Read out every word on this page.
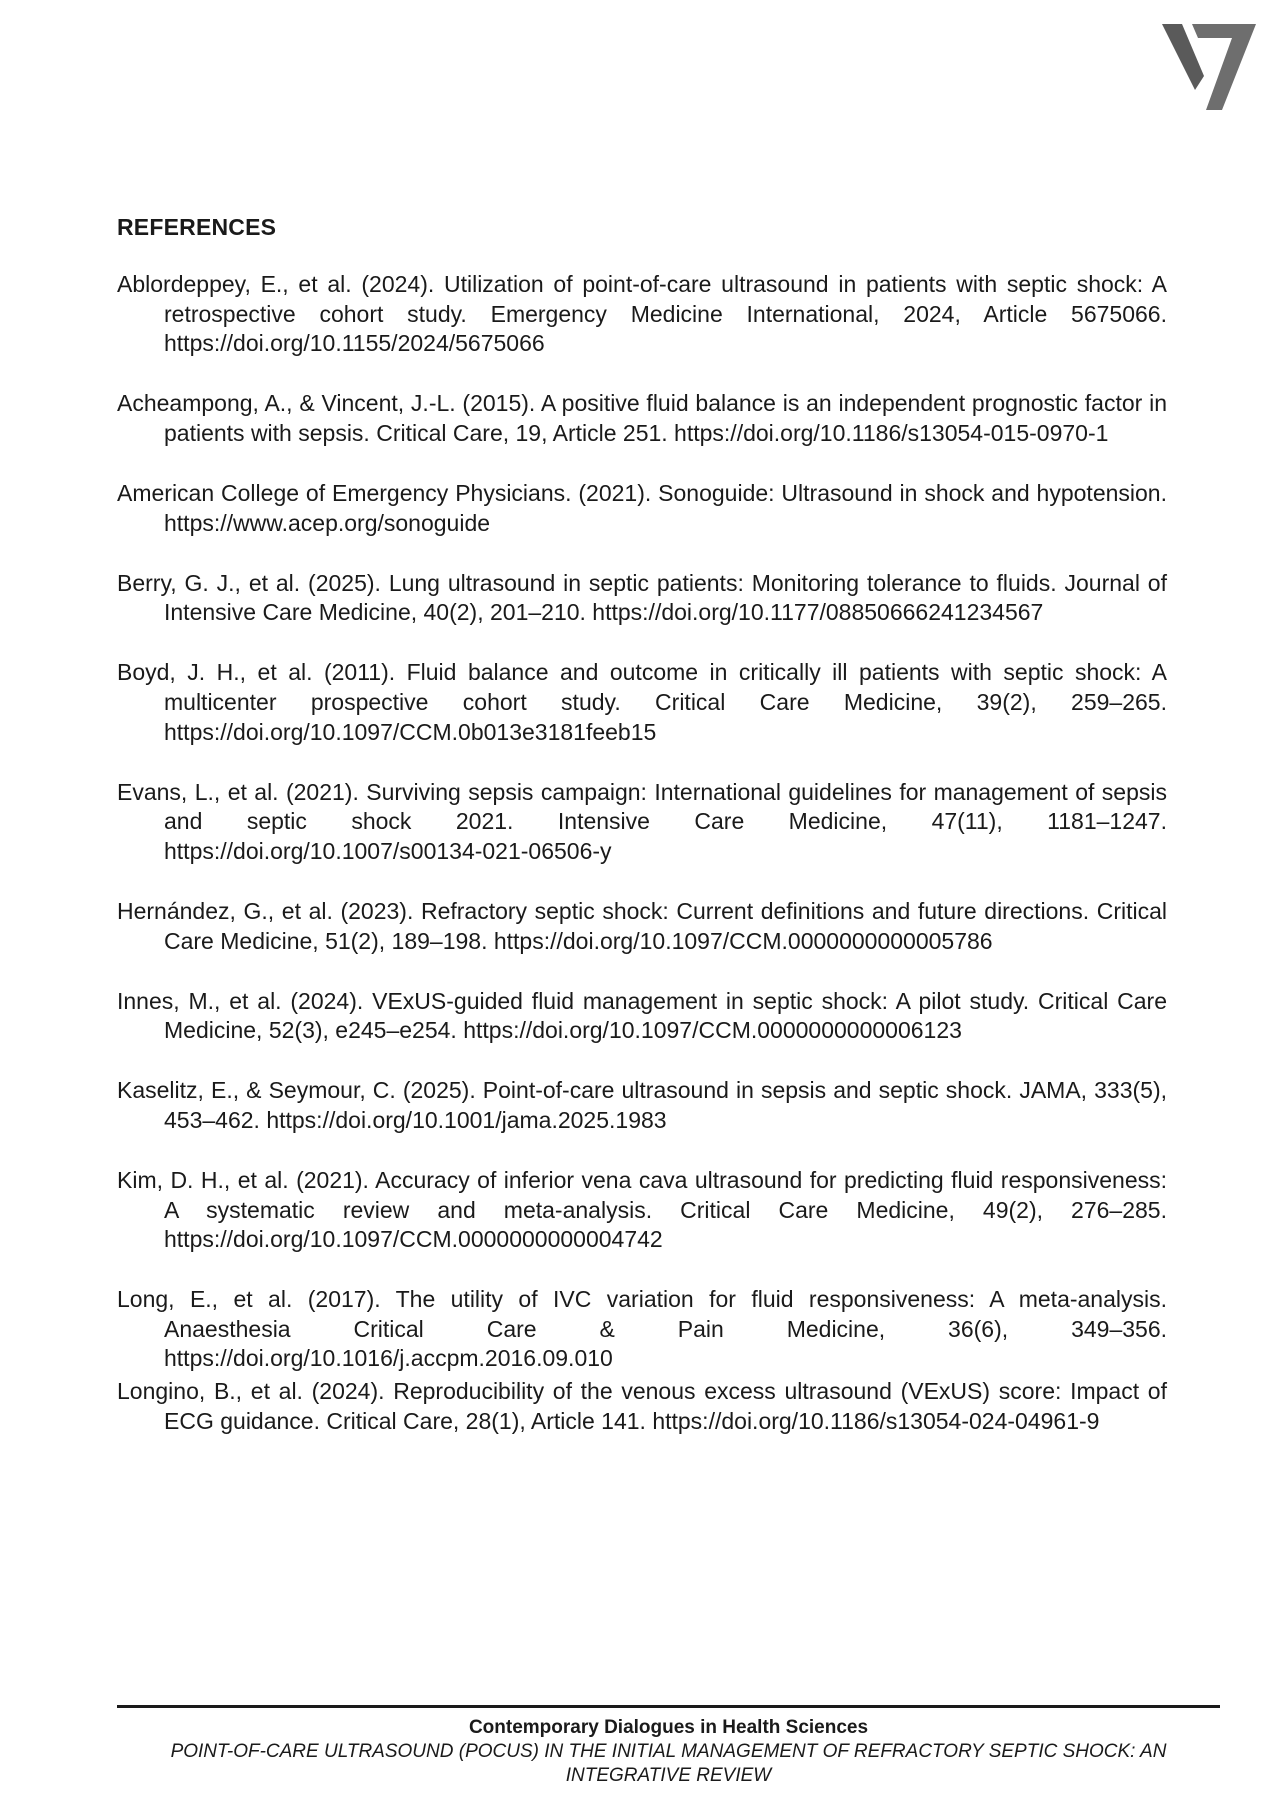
REFERENCES
Ablordeppey, E., et al. (2024). Utilization of point-of-care ultrasound in patients with septic shock: A retrospective cohort study. Emergency Medicine International, 2024, Article 5675066. https://doi.org/10.1155/2024/5675066
Acheampong, A., & Vincent, J.-L. (2015). A positive fluid balance is an independent prognostic factor in patients with sepsis. Critical Care, 19, Article 251. https://doi.org/10.1186/s13054-015-0970-1
American College of Emergency Physicians. (2021). Sonoguide: Ultrasound in shock and hypotension. https://www.acep.org/sonoguide
Berry, G. J., et al. (2025). Lung ultrasound in septic patients: Monitoring tolerance to fluids. Journal of Intensive Care Medicine, 40(2), 201–210. https://doi.org/10.1177/08850666241234567
Boyd, J. H., et al. (2011). Fluid balance and outcome in critically ill patients with septic shock: A multicenter prospective cohort study. Critical Care Medicine, 39(2), 259–265. https://doi.org/10.1097/CCM.0b013e3181feeb15
Evans, L., et al. (2021). Surviving sepsis campaign: International guidelines for management of sepsis and septic shock 2021. Intensive Care Medicine, 47(11), 1181–1247. https://doi.org/10.1007/s00134-021-06506-y
Hernández, G., et al. (2023). Refractory septic shock: Current definitions and future directions. Critical Care Medicine, 51(2), 189–198. https://doi.org/10.1097/CCM.0000000000005786
Innes, M., et al. (2024). VExUS-guided fluid management in septic shock: A pilot study. Critical Care Medicine, 52(3), e245–e254. https://doi.org/10.1097/CCM.0000000000006123
Kaselitz, E., & Seymour, C. (2025). Point-of-care ultrasound in sepsis and septic shock. JAMA, 333(5), 453–462. https://doi.org/10.1001/jama.2025.1983
Kim, D. H., et al. (2021). Accuracy of inferior vena cava ultrasound for predicting fluid responsiveness: A systematic review and meta-analysis. Critical Care Medicine, 49(2), 276–285. https://doi.org/10.1097/CCM.0000000000004742
Long, E., et al. (2017). The utility of IVC variation for fluid responsiveness: A meta-analysis. Anaesthesia Critical Care & Pain Medicine, 36(6), 349–356. https://doi.org/10.1016/j.accpm.2016.09.010
Longino, B., et al. (2024). Reproducibility of the venous excess ultrasound (VExUS) score: Impact of ECG guidance. Critical Care, 28(1), Article 141. https://doi.org/10.1186/s13054-024-04961-9
Contemporary Dialogues in Health Sciences
POINT-OF-CARE ULTRASOUND (POCUS) IN THE INITIAL MANAGEMENT OF REFRACTORY SEPTIC SHOCK: AN INTEGRATIVE REVIEW
